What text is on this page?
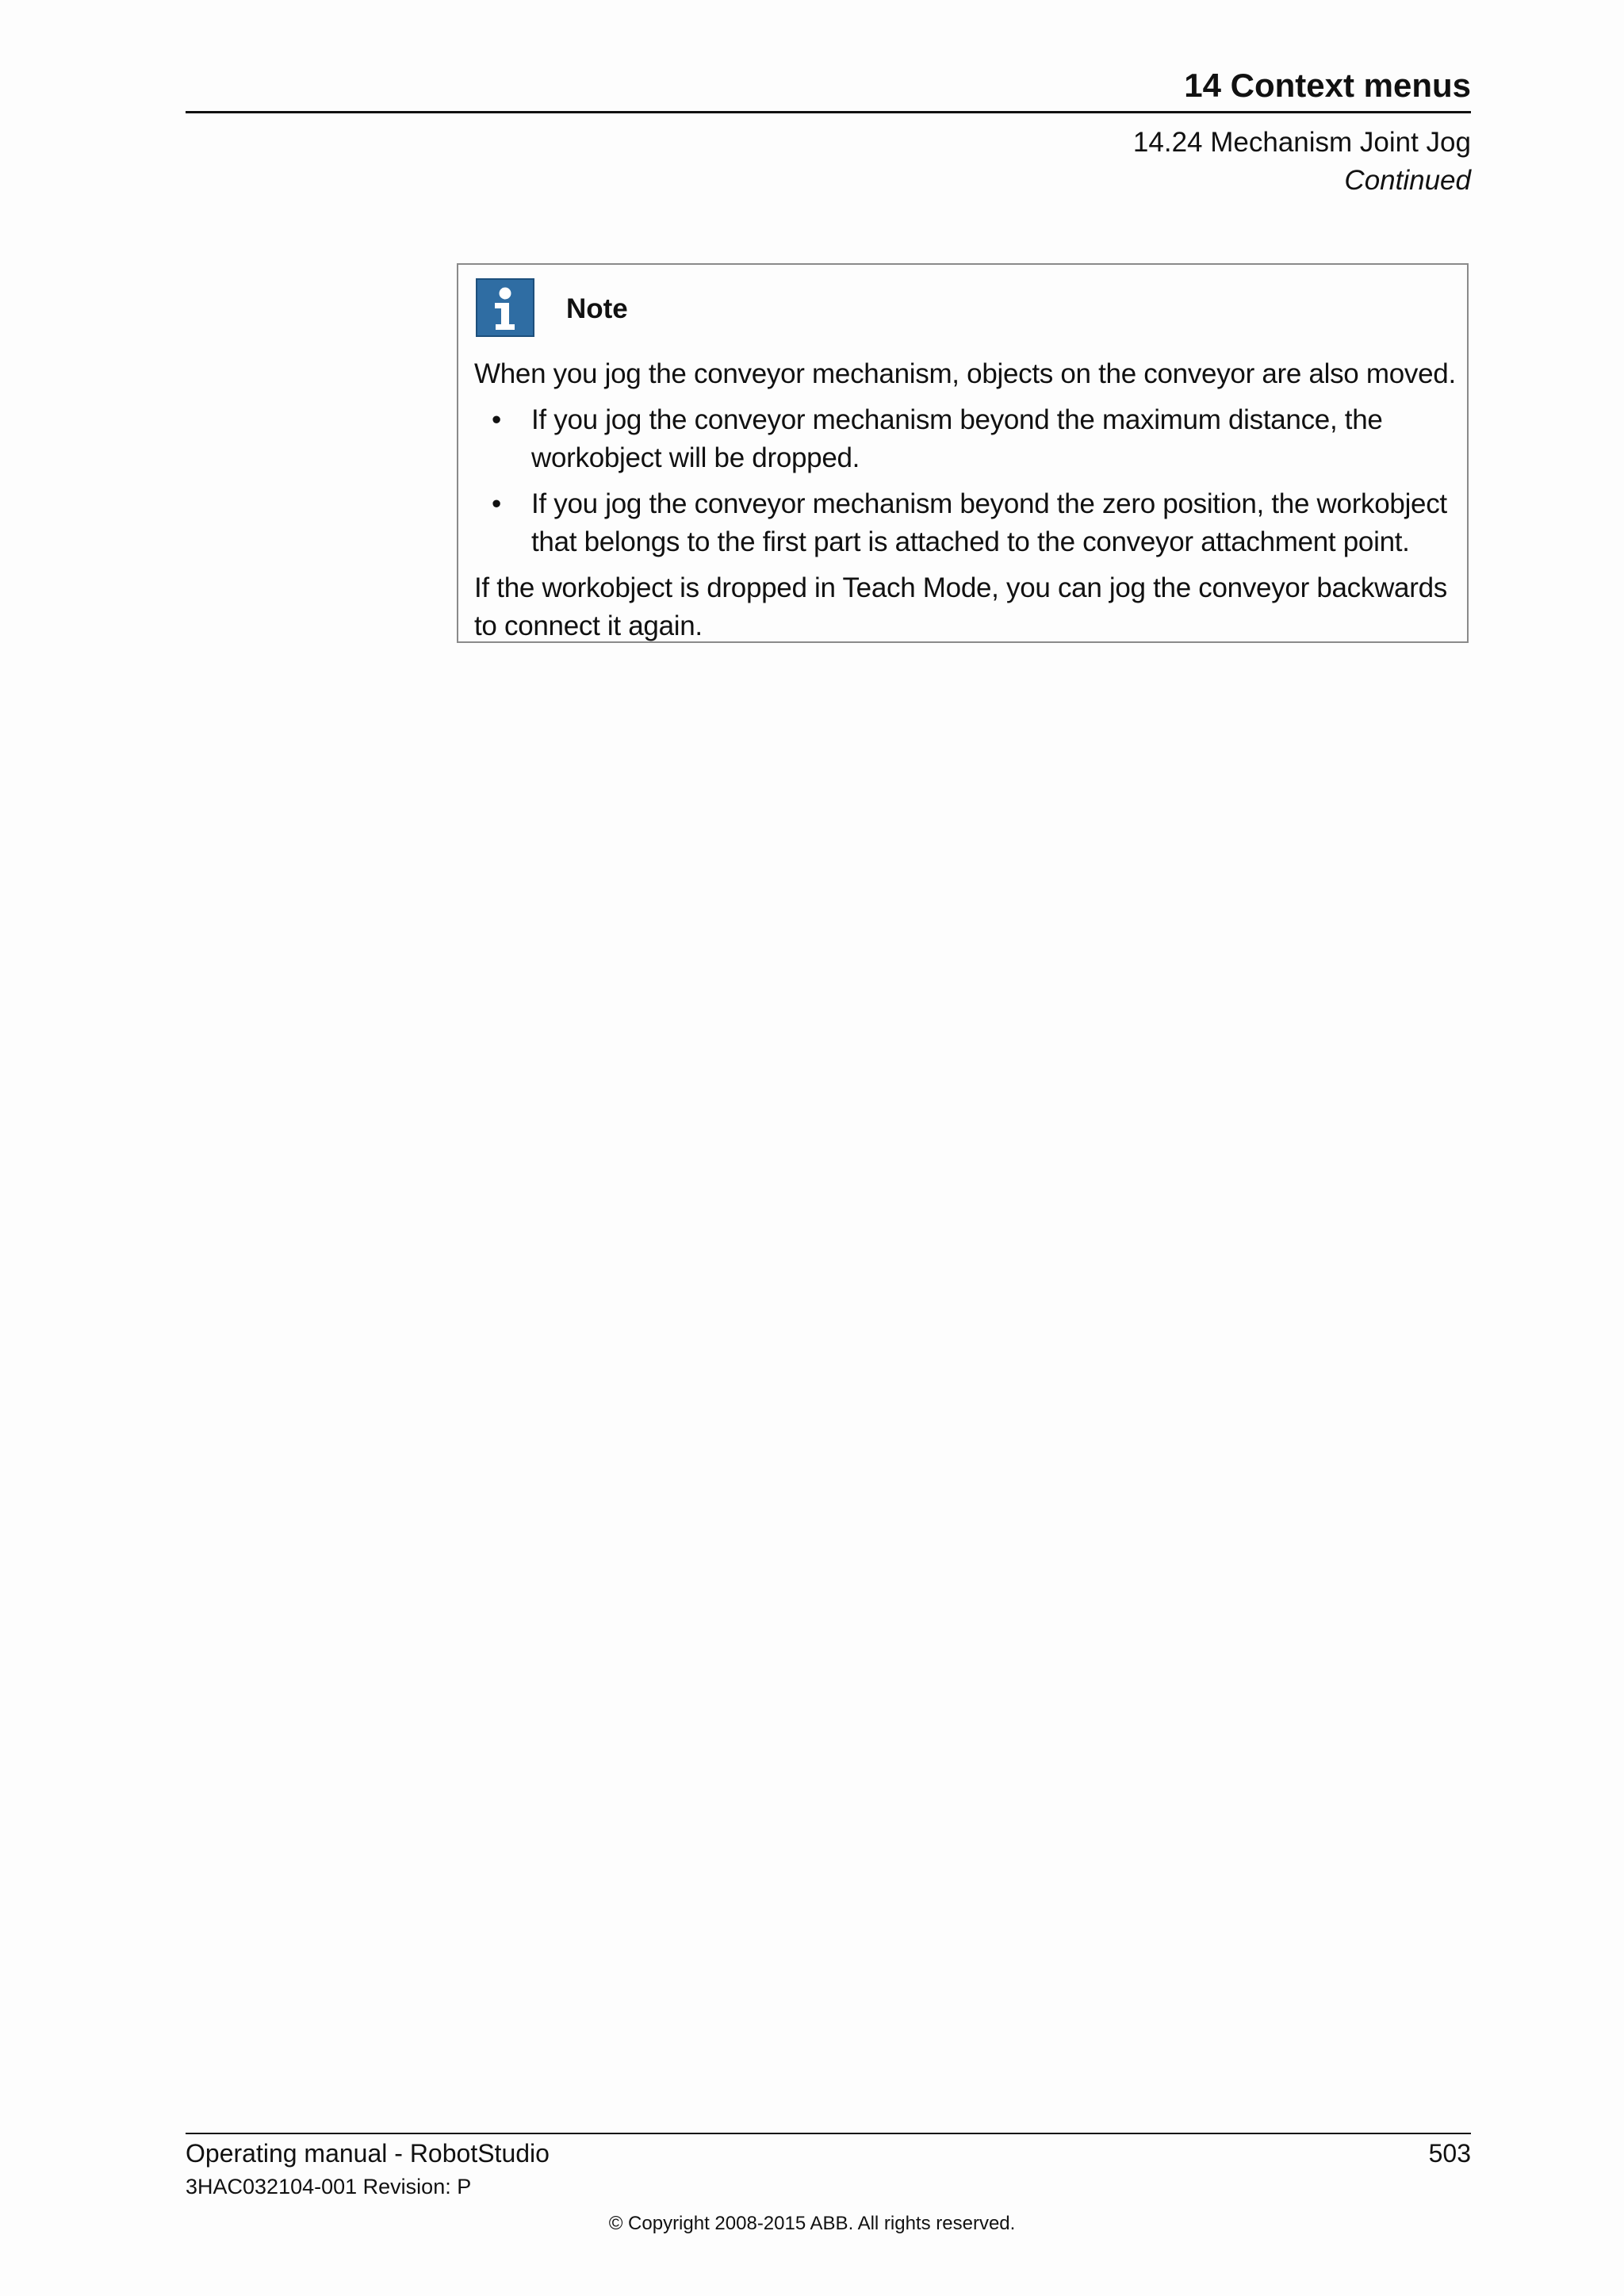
14 Context menus
14.24 Mechanism Joint Jog
Continued
Note

When you jog the conveyor mechanism, objects on the conveyor are also moved.

• If you jog the conveyor mechanism beyond the maximum distance, the workobject will be dropped.
• If you jog the conveyor mechanism beyond the zero position, the workobject that belongs to the first part is attached to the conveyor attachment point.

If the workobject is dropped in Teach Mode, you can jog the conveyor backwards to connect it again.

Operating manual - RobotStudio	503
3HAC032104-001 Revision: P
© Copyright 2008-2015 ABB. All rights reserved.
